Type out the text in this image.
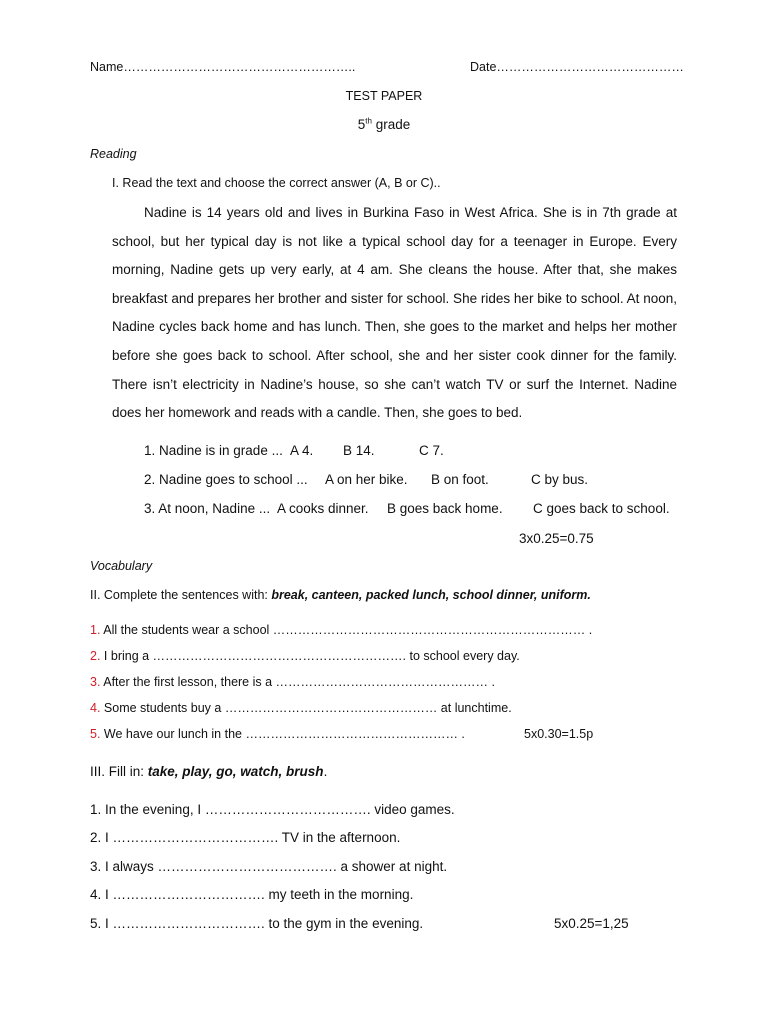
Name………………………………………………..	Date………………………………………
TEST PAPER
5th grade
Reading
I. Read the text and choose the correct answer (A, B or C)..
Nadine is 14 years old and lives in Burkina Faso in West Africa. She is in 7th grade at school, but her typical day is not like a typical school day for a teenager in Europe. Every morning, Nadine gets up very early, at 4 am. She cleans the house. After that, she makes breakfast and prepares her brother and sister for school. She rides her bike to school. At noon, Nadine cycles back home and has lunch. Then, she goes to the market and helps her mother before she goes back to school. After school, she and her sister cook dinner for the family. There isn’t electricity in Nadine’s house, so she can’t watch TV or surf the Internet. Nadine does her homework and reads with a candle. Then, she goes to bed.
1. Nadine is in grade ... A 4. B 14.	C 7.
2. Nadine goes to school ... A on her bike. B on foot.	C by bus.
3. At noon, Nadine ... A cooks dinner. B goes back home. C goes back to school.
3x0.25=0.75
Vocabulary
II. Complete the sentences with: break, canteen, packed lunch, school dinner, uniform.
1. All the students wear a school ………………………………………………………………… .
2. I bring a ……………………………………………………. to school every day.
3. After the first lesson, there is a …………………………………………… .
4. Some students buy a …………………………………………… at lunchtime.
5. We have our lunch in the …………………………………………… .	5x0.30=1.5p
III. Fill in: take, play, go, watch, brush.
1. In the evening, I ………………………………. video games.
2. I ………………………………. TV in the afternoon.
3. I always …………………………………. a shower at night.
4. I ……………………………. my teeth in the morning.
5. I ……………………………. to the gym in the evening.	5x0.25=1,25
